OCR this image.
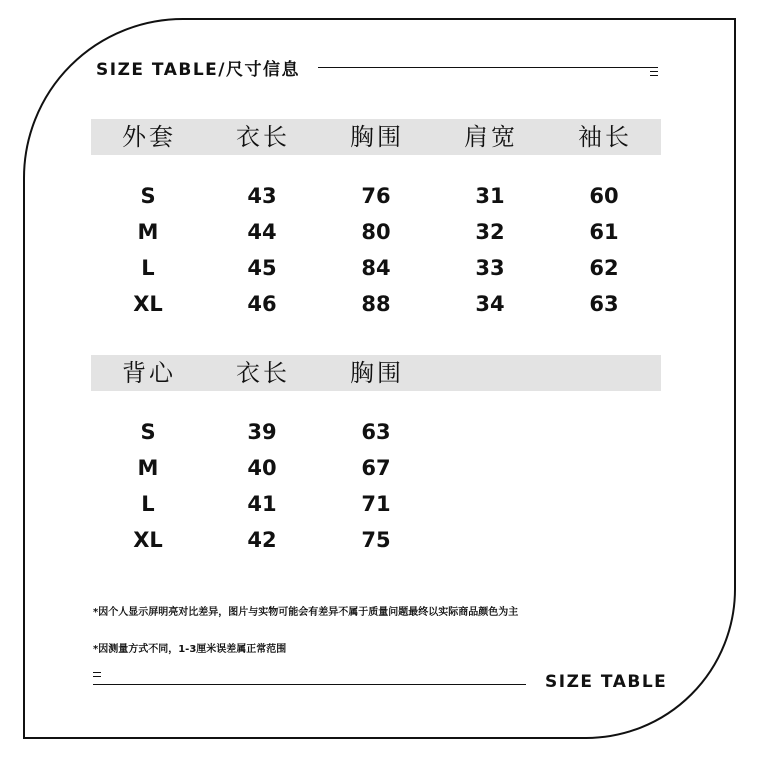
SIZE TABLE/尺寸信息
外套	衣长	胸围	肩宽	袖长
S	43	76	31	60
M	44	80	32	61
L	45	84	33	62
XL	46	88	34	63
背心	衣长	胸围
S	39	63
M	40	67
L	41	71
XL	42	75
*因个人显示屏明亮对比差异，图片与实物可能会有差异不属于质量问题最终以实际商品颜色为主
*因测量方式不同，1-3厘米误差属正常范围
SIZE TABLE
